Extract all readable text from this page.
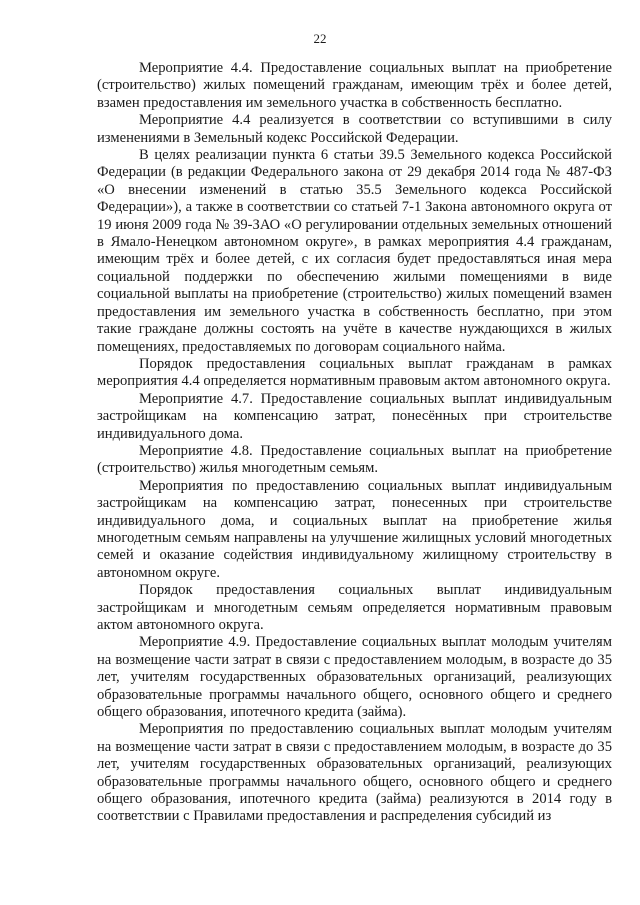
22

Мероприятие 4.4. Предоставление социальных выплат на приобретение (строительство) жилых помещений гражданам, имеющим трёх и более детей, взамен предоставления им земельного участка в собственность бесплатно.

Мероприятие 4.4 реализуется в соответствии со вступившими в силу изменениями в Земельный кодекс Российской Федерации.

В целях реализации пункта 6 статьи 39.5 Земельного кодекса Российской Федерации (в редакции Федерального закона от 29 декабря 2014 года № 487-ФЗ «О внесении изменений в статью 35.5 Земельного кодекса Российской Федерации»), а также в соответствии со статьей 7-1 Закона автономного округа от 19 июня 2009 года № 39-ЗАО «О регулировании отдельных земельных отношений в Ямало-Ненецком автономном округе», в рамках мероприятия 4.4 гражданам, имеющим трёх и более детей, с их согласия будет предоставляться иная мера социальной поддержки по обеспечению жилыми помещениями в виде социальной выплаты на приобретение (строительство) жилых помещений взамен предоставления им земельного участка в собственность бесплатно, при этом такие граждане должны состоять на учёте в качестве нуждающихся в жилых помещениях, предоставляемых по договорам социального найма.

Порядок предоставления социальных выплат гражданам в рамках мероприятия 4.4 определяется нормативным правовым актом автономного округа.

Мероприятие 4.7. Предоставление социальных выплат индивидуальным застройщикам на компенсацию затрат, понесённых при строительстве индивидуального дома.

Мероприятие 4.8. Предоставление социальных выплат на приобретение (строительство) жилья многодетным семьям.

Мероприятия по предоставлению социальных выплат индивидуальным застройщикам на компенсацию затрат, понесенных при строительстве индивидуального дома, и социальных выплат на приобретение жилья многодетным семьям направлены на улучшение жилищных условий многодетных семей и оказание содействия индивидуальному жилищному строительству в автономном округе.

Порядок предоставления социальных выплат индивидуальным застройщикам и многодетным семьям определяется нормативным правовым актом автономного округа.

Мероприятие 4.9. Предоставление социальных выплат молодым учителям на возмещение части затрат в связи с предоставлением молодым, в возрасте до 35 лет, учителям государственных образовательных организаций, реализующих образовательные программы начального общего, основного общего и среднего общего образования, ипотечного кредита (займа).

Мероприятия по предоставлению социальных выплат молодым учителям на возмещение части затрат в связи с предоставлением молодым, в возрасте до 35 лет, учителям государственных образовательных организаций, реализующих образовательные программы начального общего, основного общего и среднего общего образования, ипотечного кредита (займа) реализуются в 2014 году в соответствии с Правилами предоставления и распределения субсидий из
